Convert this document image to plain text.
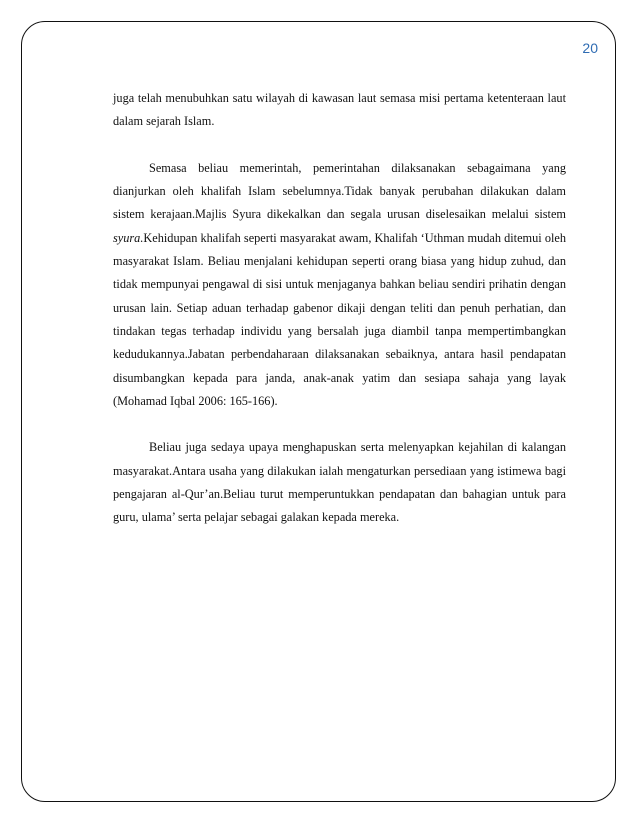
20

juga telah menubuhkan satu wilayah di kawasan laut semasa misi pertama ketenteraan laut dalam sejarah Islam.

Semasa beliau memerintah, pemerintahan dilaksanakan sebagaimana yang dianjurkan oleh khalifah Islam sebelumnya.Tidak banyak perubahan dilakukan dalam sistem kerajaan.Majlis Syura dikekalkan dan segala urusan diselesaikan melalui sistem syura.Kehidupan khalifah seperti masyarakat awam, Khalifah ‘Uthman mudah ditemui oleh masyarakat Islam. Beliau menjalani kehidupan seperti orang biasa yang hidup zuhud, dan tidak mempunyai pengawal di sisi untuk menjaganya bahkan beliau sendiri prihatin dengan urusan lain. Setiap aduan terhadap gabenor dikaji dengan teliti dan penuh perhatian, dan tindakan tegas terhadap individu yang bersalah juga diambil tanpa mempertimbangkan kedudukannya.Jabatan perbendaharaan dilaksanakan sebaiknya, antara hasil pendapatan disumbangkan kepada para janda, anak-anak yatim dan sesiapa sahaja yang layak (Mohamad Iqbal 2006: 165-166).

Beliau juga sedaya upaya menghapuskan serta melenyapkan kejahilan di kalangan masyarakat.Antara usaha yang dilakukan ialah mengaturkan persediaan yang istimewa bagi pengajaran al-Qur’an.Beliau turut memperuntukkan pendapatan dan bahagian untuk para guru, ulama’ serta pelajar sebagai galakan kepada mereka.
